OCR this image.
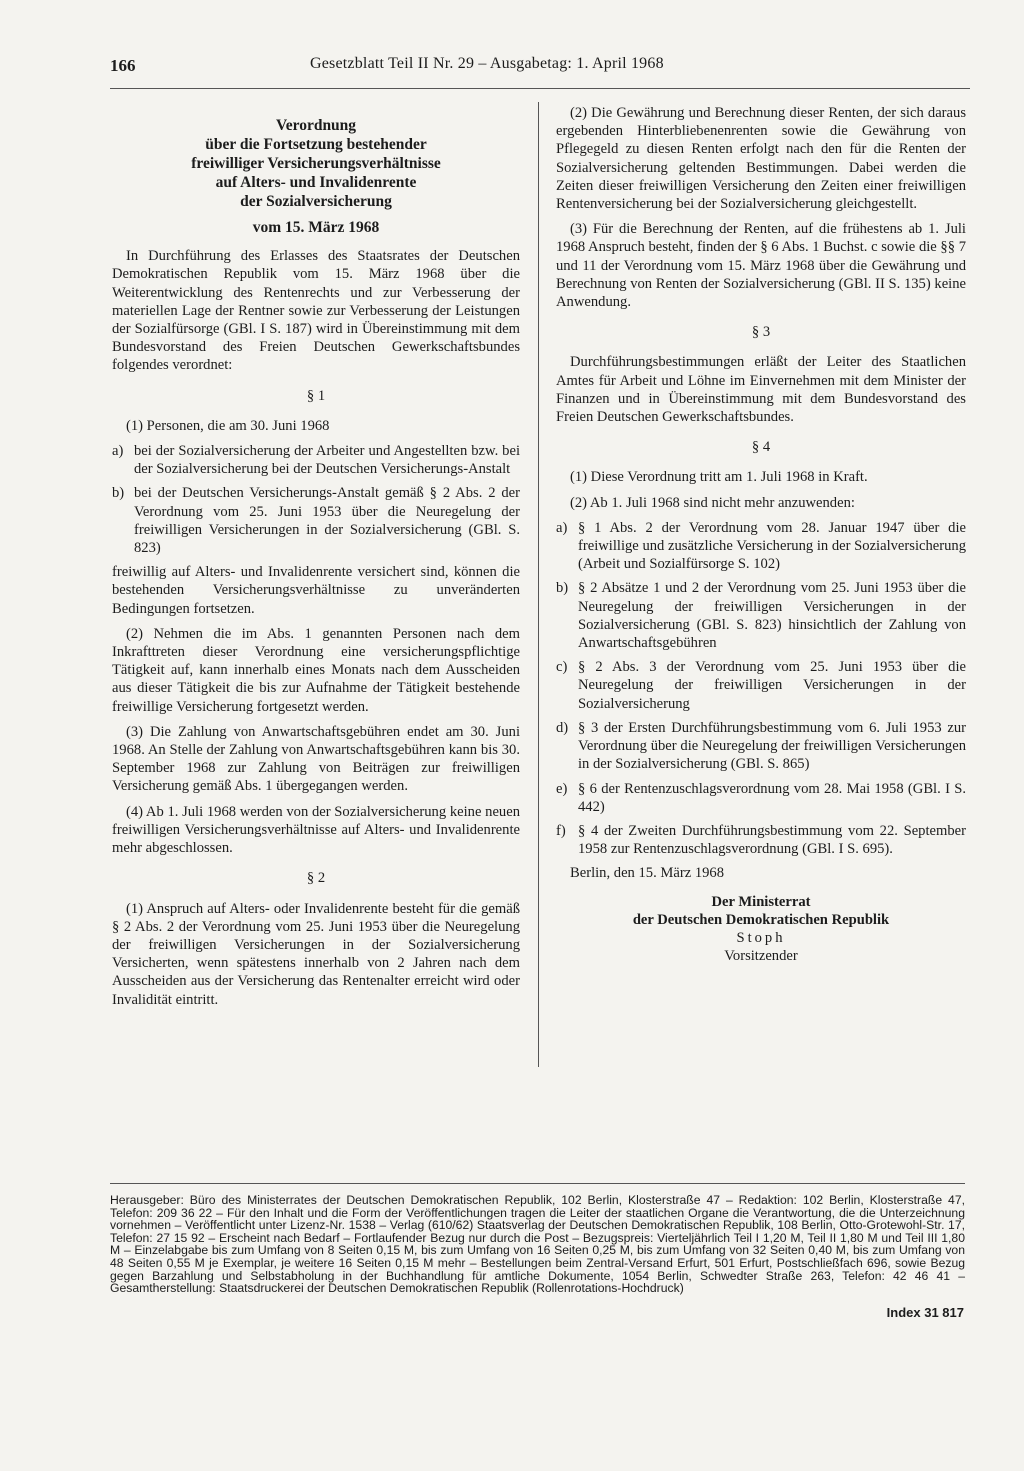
166	Gesetzblatt Teil II Nr. 29 – Ausgabetag: 1. April 1968
Verordnung
über die Fortsetzung bestehender
freiwilliger Versicherungsverhältnisse
auf Alters- und Invalidenrente
der Sozialversicherung
vom 15. März 1968

In Durchführung des Erlasses des Staatsrates der Deutschen Demokratischen Republik vom 15. März 1968 über die Weiterentwicklung des Rentenrechts und zur Verbesserung der materiellen Lage der Rentner sowie zur Verbesserung der Leistungen der Sozialfürsorge (GBl. I S. 187) wird in Übereinstimmung mit dem Bundesvorstand des Freien Deutschen Gewerkschaftsbundes folgendes verordnet:

§ 1

(1) Personen, die am 30. Juni 1968

a) bei der Sozialversicherung der Arbeiter und Angestellten bzw. bei der Sozialversicherung bei der Deutschen Versicherungs-Anstalt
b) bei der Deutschen Versicherungs-Anstalt gemäß § 2 Abs. 2 der Verordnung vom 25. Juni 1953 über die Neuregelung der freiwilligen Versicherungen in der Sozialversicherung (GBl. S. 823)

freiwillig auf Alters- und Invalidenrente versichert sind, können die bestehenden Versicherungsverhältnisse zu unveränderten Bedingungen fortsetzen.

(2) Nehmen die im Abs. 1 genannten Personen nach dem Inkrafttreten dieser Verordnung eine versicherungspflichtige Tätigkeit auf, kann innerhalb eines Monats nach dem Ausscheiden aus dieser Tätigkeit die bis zur Aufnahme der Tätigkeit bestehende freiwillige Versicherung fortgesetzt werden.

(3) Die Zahlung von Anwartschaftsgebühren endet am 30. Juni 1968. An Stelle der Zahlung von Anwartschaftsgebühren kann bis 30. September 1968 zur Zahlung von Beiträgen zur freiwilligen Versicherung gemäß Abs. 1 übergegangen werden.

(4) Ab 1. Juli 1968 werden von der Sozialversicherung keine neuen freiwilligen Versicherungsverhältnisse auf Alters- und Invalidenrente mehr abgeschlossen.

§ 2

(1) Anspruch auf Alters- oder Invalidenrente besteht für die gemäß § 2 Abs. 2 der Verordnung vom 25. Juni 1953 über die Neuregelung der freiwilligen Versicherungen in der Sozialversicherung Versicherten, wenn spätestens innerhalb von 2 Jahren nach dem Ausscheiden aus der Versicherung das Rentenalter erreicht wird oder Invalidität eintritt.

(2) Die Gewährung und Berechnung dieser Renten, der sich daraus ergebenden Hinterbliebenenrenten sowie die Gewährung von Pflegegeld zu diesen Renten erfolgt nach den für die Renten der Sozialversicherung geltenden Bestimmungen. Dabei werden die Zeiten dieser freiwilligen Versicherung den Zeiten einer freiwilligen Rentenversicherung bei der Sozialversicherung gleichgestellt.

(3) Für die Berechnung der Renten, auf die frühestens ab 1. Juli 1968 Anspruch besteht, finden der § 6 Abs. 1 Buchst. c sowie die §§ 7 und 11 der Verordnung vom 15. März 1968 über die Gewährung und Berechnung von Renten der Sozialversicherung (GBl. II S. 135) keine Anwendung.

§ 3

Durchführungsbestimmungen erläßt der Leiter des Staatlichen Amtes für Arbeit und Löhne im Einvernehmen mit dem Minister der Finanzen und in Übereinstimmung mit dem Bundesvorstand des Freien Deutschen Gewerkschaftsbundes.

§ 4

(1) Diese Verordnung tritt am 1. Juli 1968 in Kraft.

(2) Ab 1. Juli 1968 sind nicht mehr anzuwenden:

a) § 1 Abs. 2 der Verordnung vom 28. Januar 1947 über die freiwillige und zusätzliche Versicherung in der Sozialversicherung (Arbeit und Sozialfürsorge S. 102)
b) § 2 Absätze 1 und 2 der Verordnung vom 25. Juni 1953 über die Neuregelung der freiwilligen Versicherungen in der Sozialversicherung (GBl. S. 823) hinsichtlich der Zahlung von Anwartschaftsgebühren
c) § 2 Abs. 3 der Verordnung vom 25. Juni 1953 über die Neuregelung der freiwilligen Versicherungen in der Sozialversicherung
d) § 3 der Ersten Durchführungsbestimmung vom 6. Juli 1953 zur Verordnung über die Neuregelung der freiwilligen Versicherungen in der Sozialversicherung (GBl. S. 865)
e) § 6 der Rentenzuschlagsverordnung vom 28. Mai 1958 (GBl. I S. 442)
f) § 4 der Zweiten Durchführungsbestimmung vom 22. September 1958 zur Rentenzuschlagsverordnung (GBl. I S. 695).

Berlin, den 15. März 1968

Der Ministerrat
der Deutschen Demokratischen Republik
Stoph
Vorsitzender
Herausgeber: Büro des Ministerrates der Deutschen Demokratischen Republik, 102 Berlin, Klosterstraße 47 – Redaktion: 102 Berlin, Klosterstraße 47, Telefon: 209 36 22 – Für den Inhalt und die Form der Veröffentlichungen tragen die Leiter der staatlichen Organe die Verantwortung, die die Unterzeichnung vornehmen – Veröffentlicht unter Lizenz-Nr. 1538 – Verlag (610/62) Staatsverlag der Deutschen Demokratischen Republik, 108 Berlin, Otto-Grotewohl-Str. 17, Telefon: 27 15 92 – Erscheint nach Bedarf – Fortlaufender Bezug nur durch die Post – Bezugspreis: Vierteljährlich Teil I 1,20 M, Teil II 1,80 M und Teil III 1,80 M – Einzelabgabe bis zum Umfang von 8 Seiten 0,15 M, bis zum Umfang von 16 Seiten 0,25 M, bis zum Umfang von 32 Seiten 0,40 M, bis zum Umfang von 48 Seiten 0,55 M je Exemplar, je weitere 16 Seiten 0,15 M mehr – Bestellungen beim Zentral-Versand Erfurt, 501 Erfurt, Postschließfach 696, sowie Bezug gegen Barzahlung und Selbstabholung in der Buchhandlung für amtliche Dokumente, 1054 Berlin, Schwedter Straße 263, Telefon: 42 46 41 – Gesamtherstellung: Staatsdruckerei der Deutschen Demokratischen Republik (Rollenrotations-Hochdruck)
Index 31 817
